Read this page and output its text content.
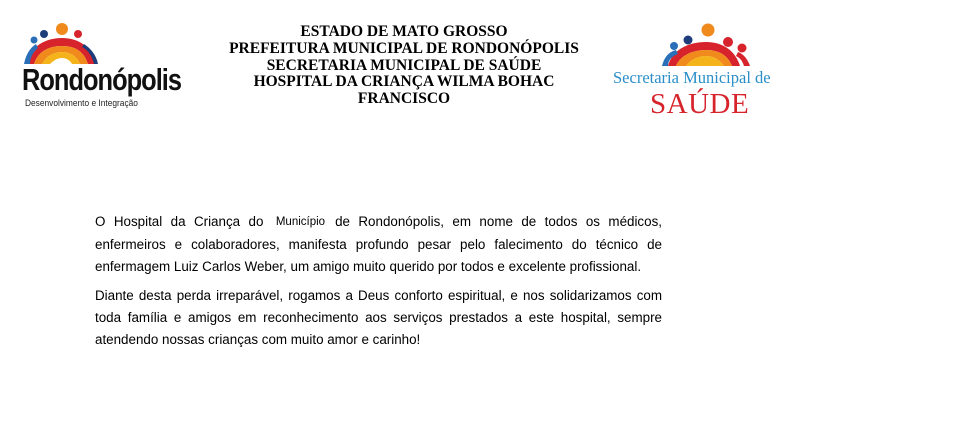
Rondonópolis
Desenvolvimento e Integração
ESTADO DE MATO GROSSO
PREFEITURA MUNICIPAL DE RONDONÓPOLIS
SECRETARIA MUNICIPAL DE SAÚDE
HOSPITAL DA CRIANÇA WILMA BOHAC
FRANCISCO
Secretaria Municipal de
SAÚDE

O Hospital da Criança do Município de Rondonópolis, em nome de todos os médicos, enfermeiros e colaboradores, manifesta profundo pesar pelo falecimento do técnico de enfermagem Luiz Carlos Weber, um amigo muito querido por todos e excelente profissional.

Diante desta perda irreparável, rogamos a Deus conforto espiritual, e nos solidarizamos com toda família e amigos em reconhecimento aos serviços prestados a este hospital, sempre atendendo nossas crianças com muito amor e carinho!
